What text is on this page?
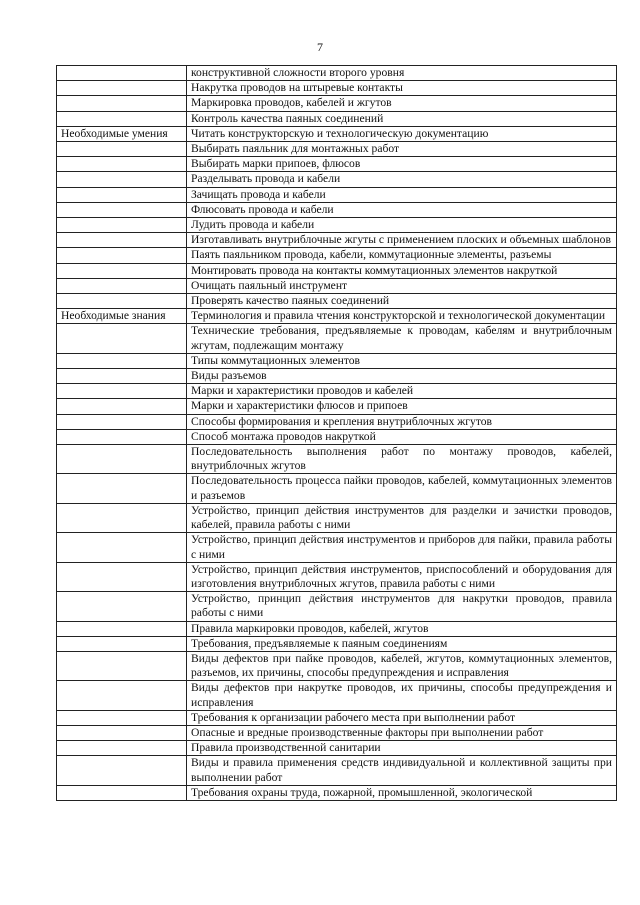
7
	конструктивной сложности второго уровня
	Накрутка проводов на штыревые контакты
	Маркировка проводов, кабелей и жгутов
	Контроль качества паяных соединений
Необходимые умения	Читать конструкторскую и технологическую документацию
	Выбирать паяльник для монтажных работ
	Выбирать марки припоев, флюсов
	Разделывать провода и кабели
	Зачищать провода и кабели
	Флюсовать провода и кабели
	Лудить провода и кабели
	Изготавливать внутриблочные жгуты с применением плоских и объемных шаблонов
	Паять паяльником провода, кабели, коммутационные элементы, разъемы
	Монтировать провода на контакты коммутационных элементов накруткой
	Очищать паяльный инструмент
	Проверять качество паяных соединений
Необходимые знания	Терминология и правила чтения конструкторской и технологической документации
	Технические требования, предъявляемые к проводам, кабелям и внутриблочным жгутам, подлежащим монтажу
	Типы коммутационных элементов
	Виды разъемов
	Марки и характеристики проводов и кабелей
	Марки и характеристики флюсов и припоев
	Способы формирования и крепления внутриблочных жгутов
	Способ монтажа проводов накруткой
	Последовательность выполнения работ по монтажу проводов, кабелей, внутриблочных жгутов
	Последовательность процесса пайки проводов, кабелей, коммутационных элементов и разъемов
	Устройство, принцип действия инструментов для разделки и зачистки проводов, кабелей, правила работы с ними
	Устройство, принцип действия инструментов и приборов для пайки, правила работы с ними
	Устройство, принцип действия инструментов, приспособлений и оборудования для изготовления внутриблочных жгутов, правила работы с ними
	Устройство, принцип действия инструментов для накрутки проводов, правила работы с ними
	Правила маркировки проводов, кабелей, жгутов
	Требования, предъявляемые к паяным соединениям
	Виды дефектов при пайке проводов, кабелей, жгутов, коммутационных элементов, разъемов, их причины, способы предупреждения и исправления
	Виды дефектов при накрутке проводов, их причины, способы предупреждения и исправления
	Требования к организации рабочего места при выполнении работ
	Опасные и вредные производственные факторы при выполнении работ
	Правила производственной санитарии
	Виды и правила применения средств индивидуальной и коллективной защиты при выполнении работ
	Требования охраны труда, пожарной, промышленной, экологической
